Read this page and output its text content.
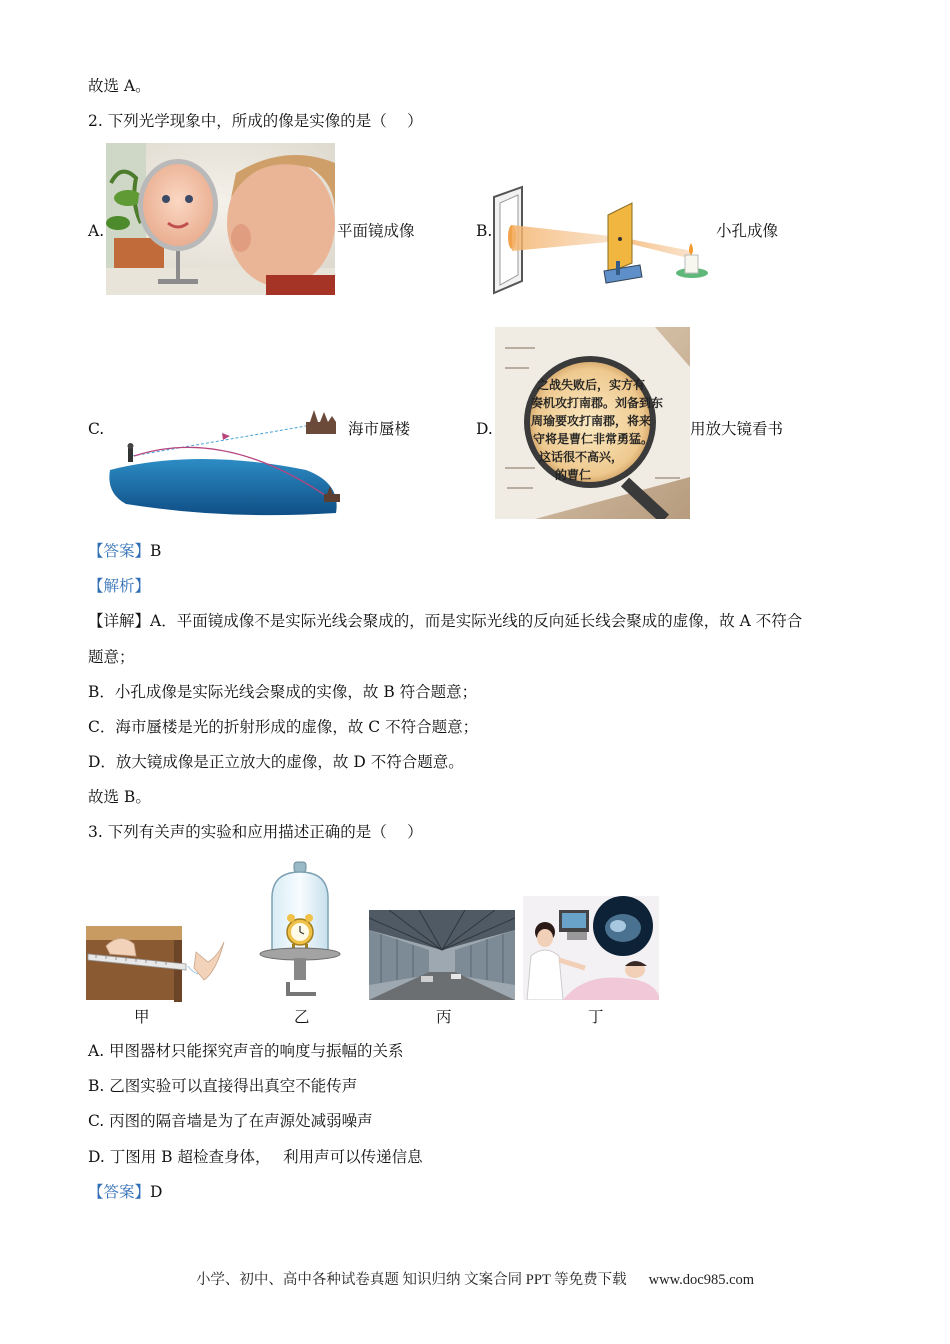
故选 A。
2. 下列光学现象中，所成的像是实像的是（　 ）
A.	平面镜成像	B.	小孔成像
C.	海市蜃楼	D.
之战失败后，实方有
奏机攻打南郡。刘备到东
周瑜要攻打南郡，将来
守将是曹仁非常勇猛。
这话很不高兴，
的曹仁
用放大镜看书
【答案】B
【解析】
【详解】A．平面镜成像不是实际光线会聚成的，而是实际光线的反向延长线会聚成的虚像，故 A 不符合
题意；
B．小孔成像是实际光线会聚成的实像，故 B 符合题意；
C．海市蜃楼是光的折射形成的虚像，故 C 不符合题意；
D．放大镜成像是正立放大的虚像，故 D 不符合题意。
故选 B。
3. 下列有关声的实验和应用描述正确的是（　 ）
甲	乙	丙	丁
A. 甲图器材只能探究声音的响度与振幅的关系
B. 乙图实验可以直接得出真空不能传声
C. 丙图的隔音墙是为了在声源处减弱噪声
D. 丁图用 B 超检查身体，　 利用声可以传递信息
【答案】D
小学、初中、高中各种试卷真题 知识归纳 文案合同 PPT 等免费下载 www.doc985.com
